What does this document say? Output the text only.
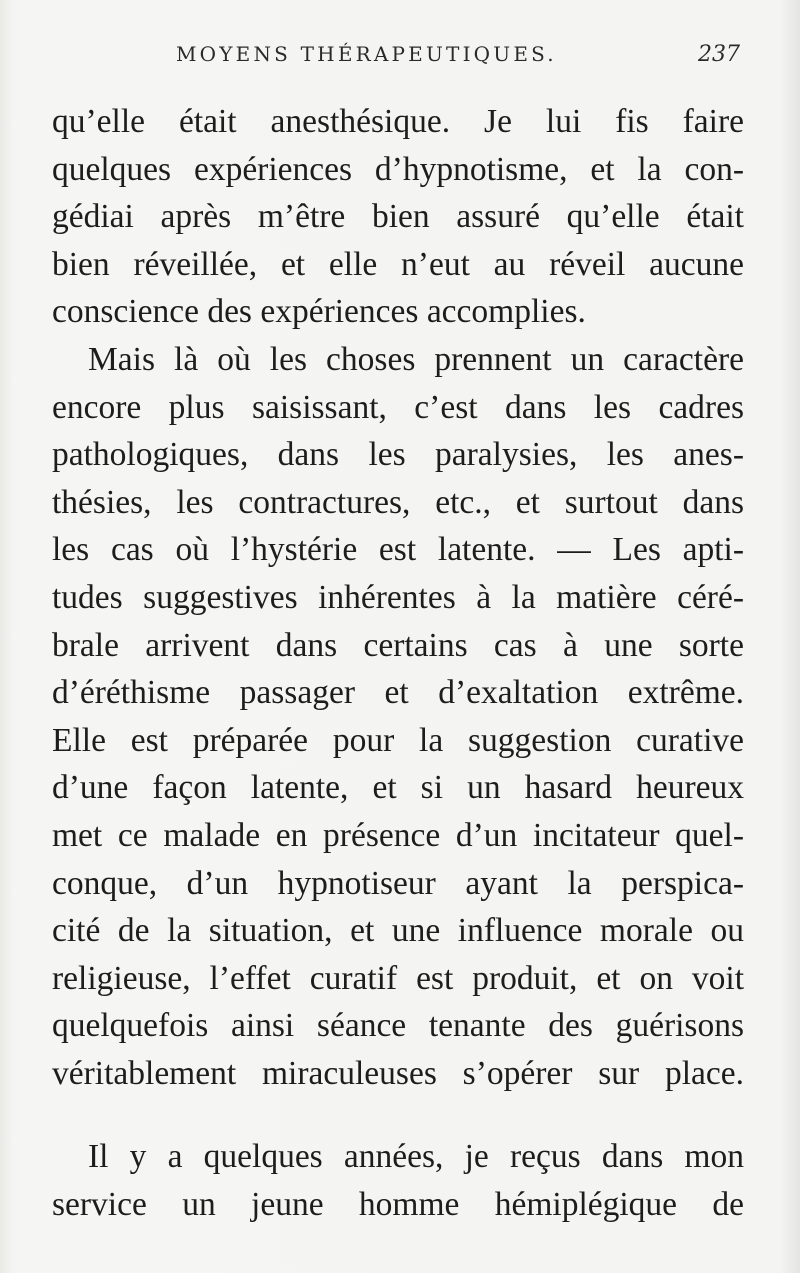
MOYENS THÉRAPEUTIQUES.	237
qu’elle était anesthésique. Je lui fis faire
quelques expériences d’hypnotisme, et la con-
gédiai après m’être bien assuré qu’elle était
bien réveillée, et elle n’eut au réveil aucune
conscience des expériences accomplies.
Mais là où les choses prennent un caractère
encore plus saisissant, c’est dans les cadres
pathologiques, dans les paralysies, les anes-
thésies, les contractures, etc., et surtout dans
les cas où l’hystérie est latente. — Les apti-
tudes suggestives inhérentes à la matière céré-
brale arrivent dans certains cas à une sorte
d’éréthisme passager et d’exaltation extrême.
Elle est préparée pour la suggestion curative
d’une façon latente, et si un hasard heureux
met ce malade en présence d’un incitateur quel-
conque, d’un hypnotiseur ayant la perspica-
cité de la situation, et une influence morale ou
religieuse, l’effet curatif est produit, et on voit
quelquefois ainsi séance tenante des guérisons
véritablement miraculeuses s’opérer sur place.
Il y a quelques années, je reçus dans mon
service un jeune homme hémiplégique de
